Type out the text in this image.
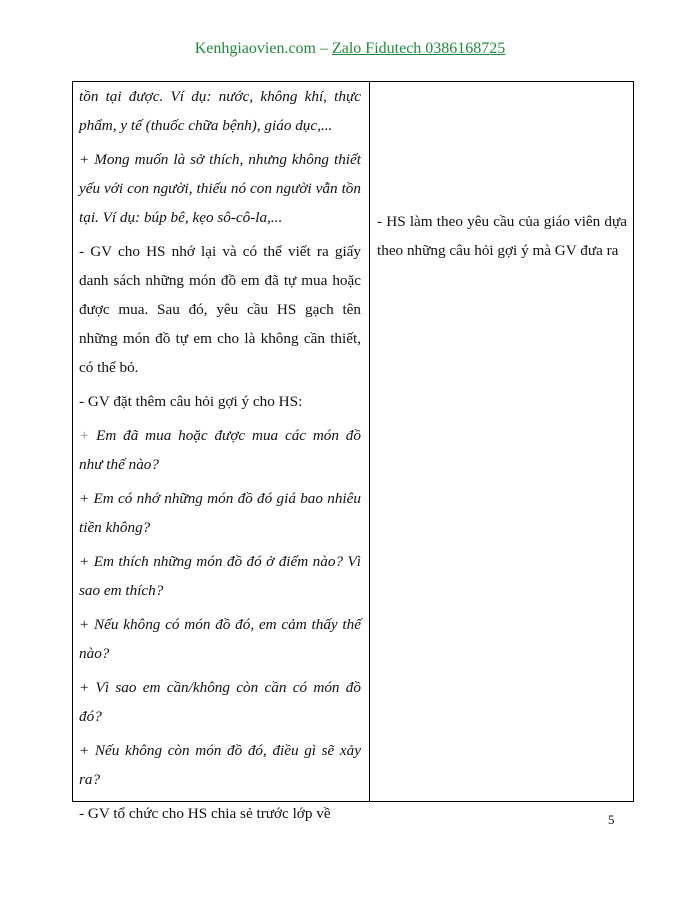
Kenhgiaovien.com – Zalo Fidutech 0386168725

tồn tại được. Ví dụ: nước, không khí, thực phẩm, y tế (thuốc chữa bệnh), giáo dục,...

+ Mong muốn là sở thích, nhưng không thiết yếu với con người, thiếu nó con người vẫn tồn tại. Ví dụ: búp bê, kẹo sô-cô-la,...

- GV cho HS nhớ lại và có thể viết ra giấy danh sách những món đồ em đã tự mua hoặc được mua. Sau đó, yêu cầu HS gạch tên những món đồ tự em cho là không cần thiết, có thể bỏ.

- GV đặt thêm câu hỏi gợi ý cho HS:

+ Em đã mua hoặc được mua các món đồ như thế nào?

+ Em có nhớ những món đồ đó giá bao nhiêu tiền không?

+ Em thích những món đồ đó ở điểm nào? Vì sao em thích?

+ Nếu không có món đồ đó, em cảm thấy thế nào?

+ Vì sao em cần/không còn cần có món đồ đó?

+ Nếu không còn món đồ đó, điều gì sẽ xảy ra?

- GV tổ chức cho HS chia sẻ trước lớp về

- HS làm theo yêu cầu của giáo viên dựa theo những câu hỏi gợi ý mà GV đưa ra

5
